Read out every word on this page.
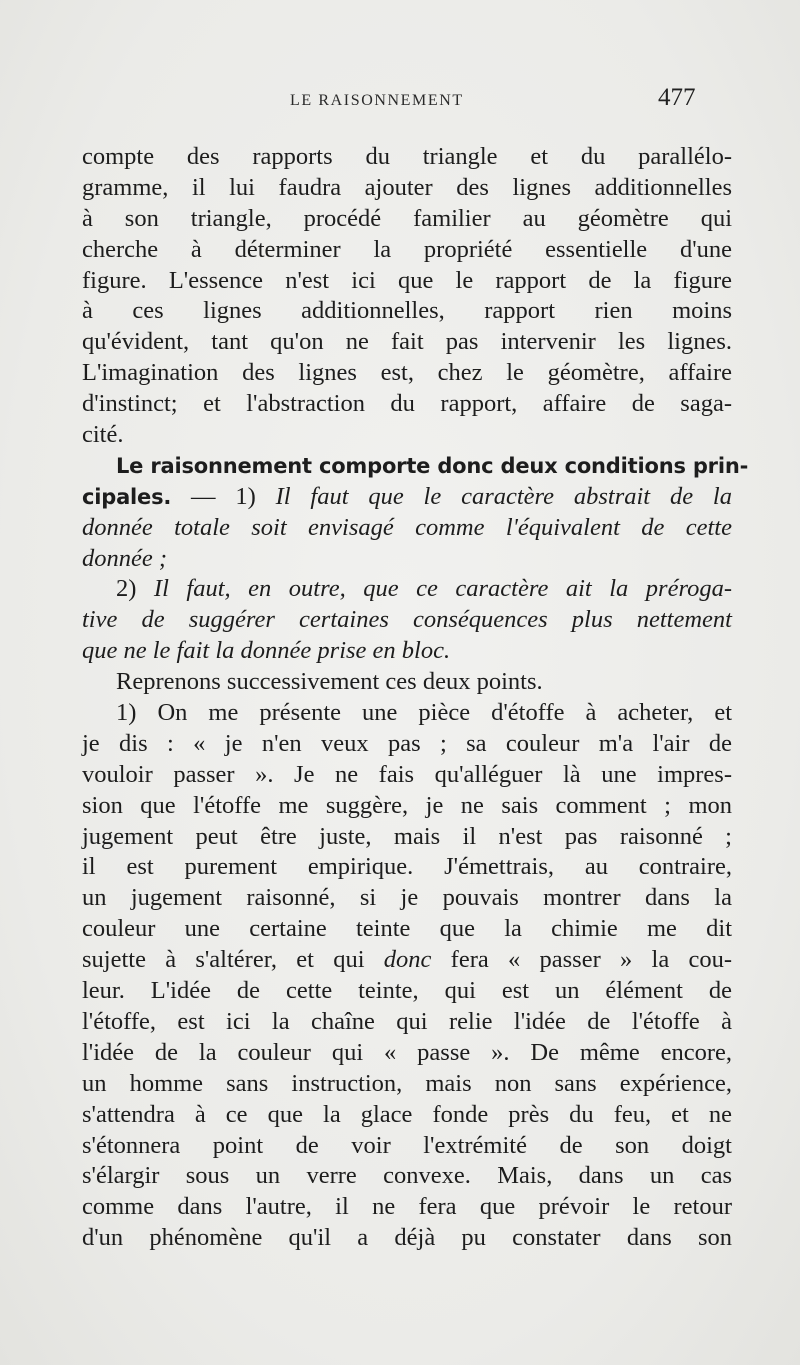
LE RAISONNEMENT	477
compte des rapports du triangle et du parallélo-
gramme, il lui faudra ajouter des lignes additionnelles
à son triangle, procédé familier au géomètre qui
cherche à déterminer la propriété essentielle d'une
figure. L'essence n'est ici que le rapport de la figure
à ces lignes additionnelles, rapport rien moins
qu'évident, tant qu'on ne fait pas intervenir les lignes.
L'imagination des lignes est, chez le géomètre, affaire
d'instinct; et l'abstraction du rapport, affaire de saga-
cité.
Le raisonnement comporte donc deux conditions prin-
cipales. — 1) Il faut que le caractère abstrait de la
donnée totale soit envisagé comme l'équivalent de cette
donnée ;
2) Il faut, en outre, que ce caractère ait la préroga-
tive de suggérer certaines conséquences plus nettement
que ne le fait la donnée prise en bloc.
Reprenons successivement ces deux points.
1) On me présente une pièce d'étoffe à acheter, et
je dis : « je n'en veux pas ; sa couleur m'a l'air de
vouloir passer ». Je ne fais qu'alléguer là une impres-
sion que l'étoffe me suggère, je ne sais comment ; mon
jugement peut être juste, mais il n'est pas raisonné ;
il est purement empirique. J'émettrais, au contraire,
un jugement raisonné, si je pouvais montrer dans la
couleur une certaine teinte que la chimie me dit
sujette à s'altérer, et qui donc fera « passer » la cou-
leur. L'idée de cette teinte, qui est un élément de
l'étoffe, est ici la chaîne qui relie l'idée de l'étoffe à
l'idée de la couleur qui « passe ». De même encore,
un homme sans instruction, mais non sans expérience,
s'attendra à ce que la glace fonde près du feu, et ne
s'étonnera point de voir l'extrémité de son doigt
s'élargir sous un verre convexe. Mais, dans un cas
comme dans l'autre, il ne fera que prévoir le retour
d'un phénomène qu'il a déjà pu constater dans son
